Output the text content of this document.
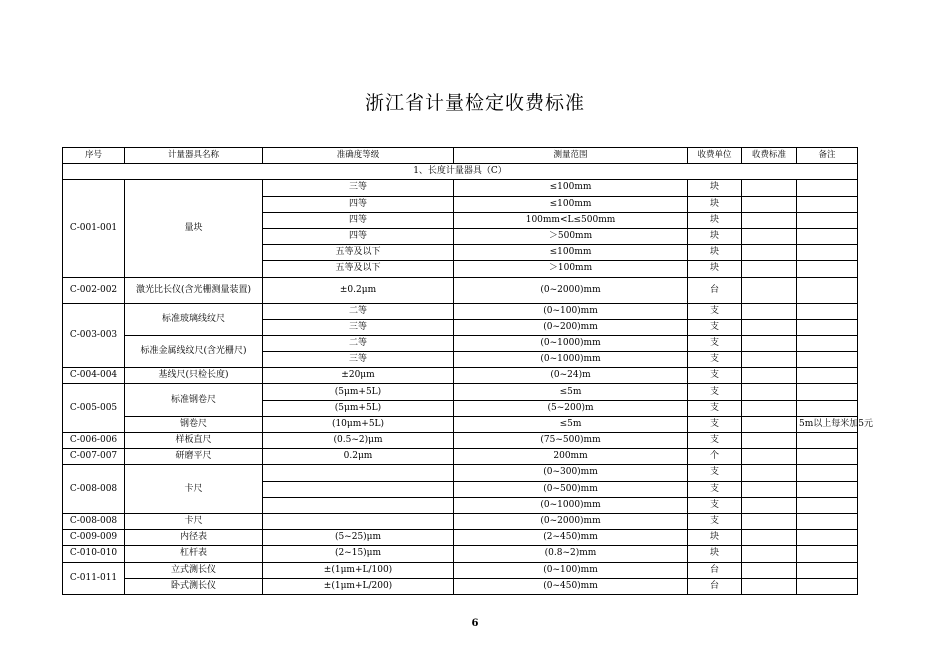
浙江省计量检定收费标准
序号	计量器具名称	准确度等级	测量范围	收费单位	收费标准	备注
1、长度计量器具（C）						
C-001-001	量块	三等	≤100mm	块		
		四等	≤100mm	块		
		四等	100mm<L≤500mm	块		
		四等	＞500mm	块		
		五等及以下	≤100mm	块		
		五等及以下	＞100mm	块		
C-002-002	激光比长仪(含光栅测量装置)	±0.2μm	(0~2000)mm	台		
C-003-003	标准玻璃线纹尺	二等	(0~100)mm	支		
		三等	(0~200)mm	支		
	标准金属线纹尺(含光栅尺)	二等	(0~1000)mm	支		
		三等	(0~1000)mm	支		
C-004-004	基线尺(只检长度)	±20μm	(0~24)m	支		
C-005-005	标准钢卷尺	(5μm+5L)	≤5m	支		
		(5μm+5L)	(5~200)m	支		
	钢卷尺	(10μm+5L)	≤5m	支		5m以上每米加5元
C-006-006	样板直尺	(0.5~2)μm	(75~500)mm	支		
C-007-007	研磨平尺	0.2μm	200mm	个		
C-008-008	卡尺		(0~300)mm	支		
			(0~500)mm	支		
			(0~1000)mm	支		
C-008-008	卡尺		(0~2000)mm	支		
C-009-009	内径表	(5~25)μm	(2~450)mm	块		
C-010-010	杠杆表	(2~15)μm	(0.8~2)mm	块		
C-011-011	立式测长仪	±(1μm+L/100)	(0~100)mm	台		
	卧式测长仪	±(1μm+L/200)	(0~450)mm	台		
6
